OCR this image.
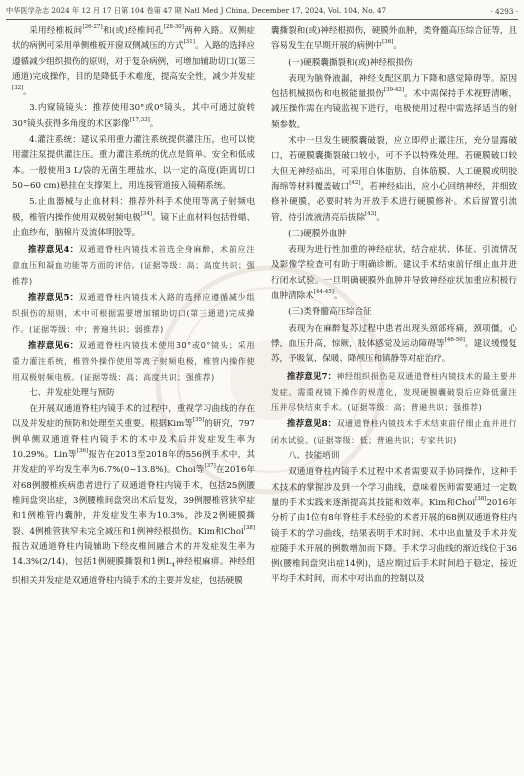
中华医学杂志 2024 年 12 月 17 日第 104 卷第 47 期 Natl Med J China, December 17, 2024, Vol. 104, No. 47	· 4293 ·

采用经椎板间[26-27]和(或)经椎间孔[28-30]两种入路。双侧症状的病例可采用单侧椎板开窗双侧减压的方式[31]。入路的选择应遵循减少组织损伤的原则，对于复杂病例，可增加辅助切口(第三通道)完成操作，目的是降低手术难度，提高安全性，减少并发症[32]。

3.内窥镜镜头：推荐使用30°或0°镜头，其中可通过旋转30°镜头获得多角度的术区影像[17,33]。

4.灌注系统：建议采用重力灌注系统提供灌注压，也可以使用灌注泵提供灌注压。重力灌注系统的优点是简单、安全和低成本。一般使用3 L/袋的无菌生理盐水，以一定的高度(距离切口50~60 cm)悬挂在支撑架上，用连接管道接入镜鞘系统。

5.止血器械与止血材料：推荐外科手术使用等离子射频电极，椎管内操作使用双极射频电极[34]。镜下止血材料包括骨蜡、止血纱布，脑棉片及流体明胶等。

推荐意见4：双通道脊柱内镜技术首选全身麻醉，术前应注意血压和凝血功能等方面的评估。(证据等级：高；高度共识；强推荐)

推荐意见5：双通道脊柱内镜技术入路的选择应遵循减少组织损伤的原则，术中可根据需要增加辅助切口(第三通道)完成操作。(证据等级：中；普遍共识；弱推荐)

推荐意见6：双通道脊柱内镜技术使用30°或0°镜头；采用重力灌注系统，椎管外操作使用等离子射频电极，椎管内操作使用双极射频电极。(证据等级：高；高度共识；强推荐)

七、并发症处理与预防

在开展双通道脊柱内镜手术的过程中，重视学习曲线的存在以及并发症的预防和处理至关重要。根据Kim等[35]的研究，797例单侧双通道脊柱内镜手术的术中及术后并发症发生率为10.29%。Lin等[36]报告在2013至2018年的556例手术中，其并发症的平均发生率为6.7%(0~13.8%)。Choi等[37]在2016年对68例腰椎疾病患者进行了双通道脊柱内镜手术，包括25例腰椎间盘突出症，3例腰椎间盘突出术后复发，39例腰椎管狭窄症和1例椎管内囊肿，并发症发生率为10.3%，涉及2例硬膜撕裂、4例椎管狭窄未完全减压和1例神经根损伤。Kim和Choi[38]报告双通道脊柱内镜辅助下经皮椎间融合术的并发症发生率为14.3%(2/14)，包括1例硬膜撕裂和1例$L_4$神经根麻痹。神经组织相关并发症是双通道脊柱内镜手术的主要并发症，包括硬膜

囊撕裂和(或)神经根损伤，硬膜外血肿，类脊髓高压综合征等，且容易发生在早期开展的病例中[36]。

(一)硬膜囊撕裂和(或)神经根损伤

表现为脑脊液漏，神经支配区肌力下降和感觉障碍等。原因包括机械损伤和电极能量损伤[39-42]。术中需保持手术视野清晰，减压操作需在内镜监视下进行，电极使用过程中需选择适当的射频参数。

术中一旦发生硬膜囊破裂，应立即停止灌注压，充分显露破口，若硬膜囊撕裂破口较小，可不予以特殊处理。若硬膜破口较大但无神经疝出，可采用自体脂肪、自体筋膜、人工硬膜或明胶海绵等材料覆盖破口[42]。若神经疝出，应小心回纳神经，并细致修补硬膜，必要时转为开放手术进行硬膜修补。术后留置引流管，待引流液清亮后拔除[43]。

(二)硬膜外血肿

表现为进行性加重的神经症状，结合症状、体征、引流情况及影像学检查可有助于明确诊断。建议手术结束前仔细止血并进行闭水试验。一旦明确硬膜外血肿并导致神经症状加重应积极行血肿清除术[44-45]。

(三)类脊髓高压综合征

表现为在麻醉复苏过程中患者出现头颈部疼痛，颈项僵，心悸，血压升高，惊厥，肢体感觉及运动障碍等[46-50]。建议缓慢复苏，予吸氧、保暖、降颅压和镇静等对症治疗。

推荐意见7：神经组织损伤是双通道脊柱内镜技术的最主要并发症。需重视镜下操作的规范化，发现硬膜囊破裂后应降低灌注压并尽快结束手术。(证据等级：高；普遍共识；强推荐)

推荐意见8：双通道脊柱内镜技术手术结束前仔细止血并进行闭水试验。(证据等级：低；普遍共识；专家共识)

八、技能培训

双通道脊柱内镜手术过程中术者需要双手协同操作，这种手术技术的掌握涉及到一个学习曲线，意味着医师需要通过一定数量的手术实践来逐渐提高其技能和效率。Kim和Choi[38]2016年分析了由1位有8年脊柱手术经验的术者开展的68例双通道脊柱内镜手术的学习曲线，结果表明手术时间、术中出血量及手术并发症随手术开展的例数增加而下降。手术学习曲线的渐近线位于36例(腰椎间盘突出症14例)，适应期过后手术时间趋于稳定，接近平均手术时间，而术中对出血的控制以及
